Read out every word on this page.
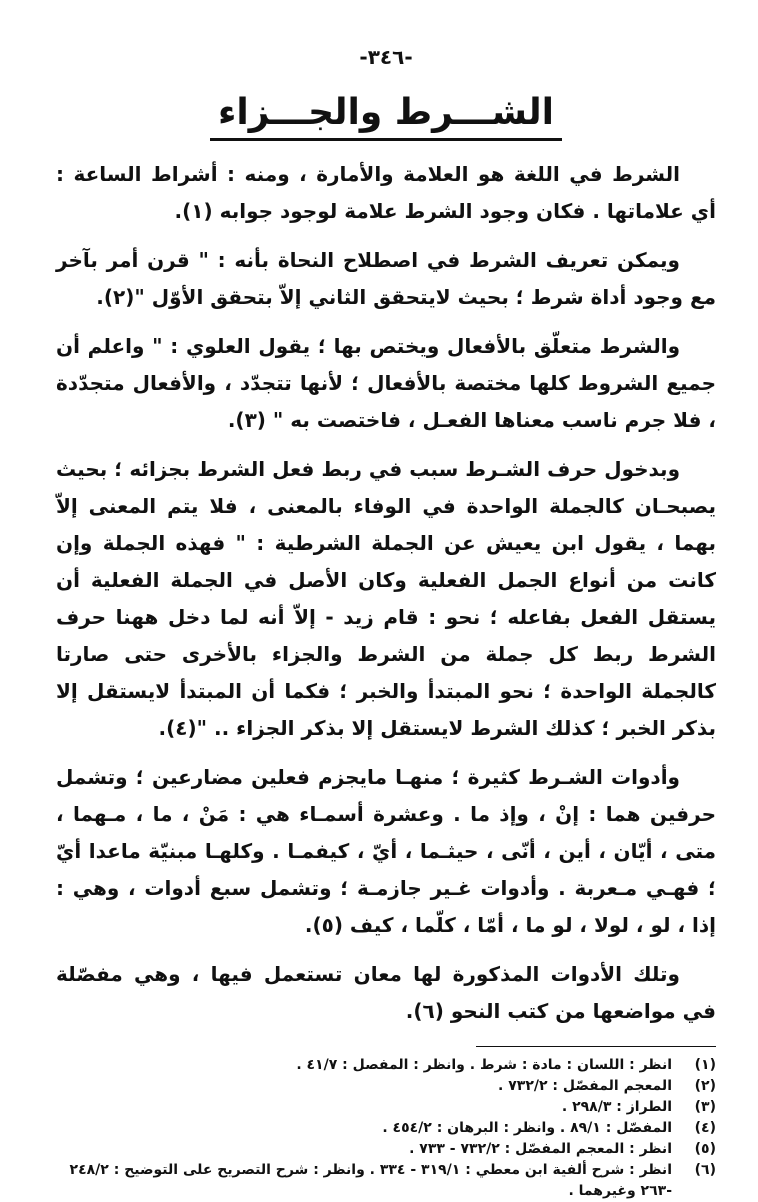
-٣٤٦-
الشـــرط والجـــزاء

الشرط في اللغة هو العلامة والأمارة ، ومنه : أشراط الساعة : أي علاماتها . فكان وجود الشرط علامة لوجود جوابه (١).

ويمكن تعريف الشرط في اصطلاح النحاة بأنه : " قرن أمر بآخر مع وجود أداة شرط ؛ بحيث لايتحقق الثاني إلاّ بتحقق الأوّل "(٢).

والشرط متعلّق بالأفعال ويختص بها ؛ يقول العلوي : " واعلم أن جميع الشروط كلها مختصة بالأفعال ؛ لأنها تتجدّد ، والأفعال متجدّدة ، فلا جرم ناسب معناها الفعـل ، فاختصت به " (٣).

وبدخول حرف الشـرط سبب في ربط فعل الشرط بجزائه ؛ بحيث يصبحـان كالجملة الواحدة في الوفاء بالمعنى ، فلا يتم المعنى إلاّ بهما ، يقول ابن يعيش عن الجملة الشرطية : " فهذه الجملة وإن كانت من أنواع الجمل الفعلية وكان الأصل في الجملة الفعلية أن يستقل الفعل بفاعله ؛ نحو : قام زيد - إلاّ أنه لما دخل ههنا حرف الشرط ربط كل جملة من الشرط والجزاء بالأخرى حتى صارتا كالجملة الواحدة ؛ نحو المبتدأ والخبر ؛ فكما أن المبتدأ لايستقل إلا بذكر الخبر ؛ كذلك الشرط لايستقل إلا بذكر الجزاء .. "(٤).

وأدوات الشـرط كثيرة ؛ منهـا مايجزم فعلين مضارعين ؛ وتشمل حرفين هما : إنْ ، وإذ ما . وعشرة أسمـاء هي : مَنْ ، ما ، مـهما ، متى ، أيّان ، أين ، أنّى ، حيثـما ، أيّ ، كيفمـا . وكلهـا مبنيّة ماعدا أيّ ؛ فهـي مـعربة . وأدوات غـير جازمـة ؛ وتشمل سبع أدوات ، وهي : إذا ، لو ، لولا ، لو ما ، أمّا ، كلّما ، كيف (٥).

وتلك الأدوات المذكورة لها معان تستعمل فيها ، وهي مفصّلة في مواضعها من كتب النحو (٦).

(١)
انظر : اللسان : مادة : شرط . وانظر : المفصل : ٤١/٧ .
(٢)
المعجم المفصّل : ٧٣٢/٢ .
(٣)
الطراز : ٢٩٨/٣ .
(٤)
المفصّل : ٨٩/١ . وانظر : البرهان : ٤٥٤/٢ .
(٥)
انظر : المعجم المفصّل : ٧٣٢/٢ - ٧٣٣ .
(٦)
انظر : شرح ألفية ابن معطي : ٣١٩/١ - ٣٣٤ . وانظر : شرح التصريح على التوضيح : ٢٤٨/٢ -٢٦٣ وغيرهما .
